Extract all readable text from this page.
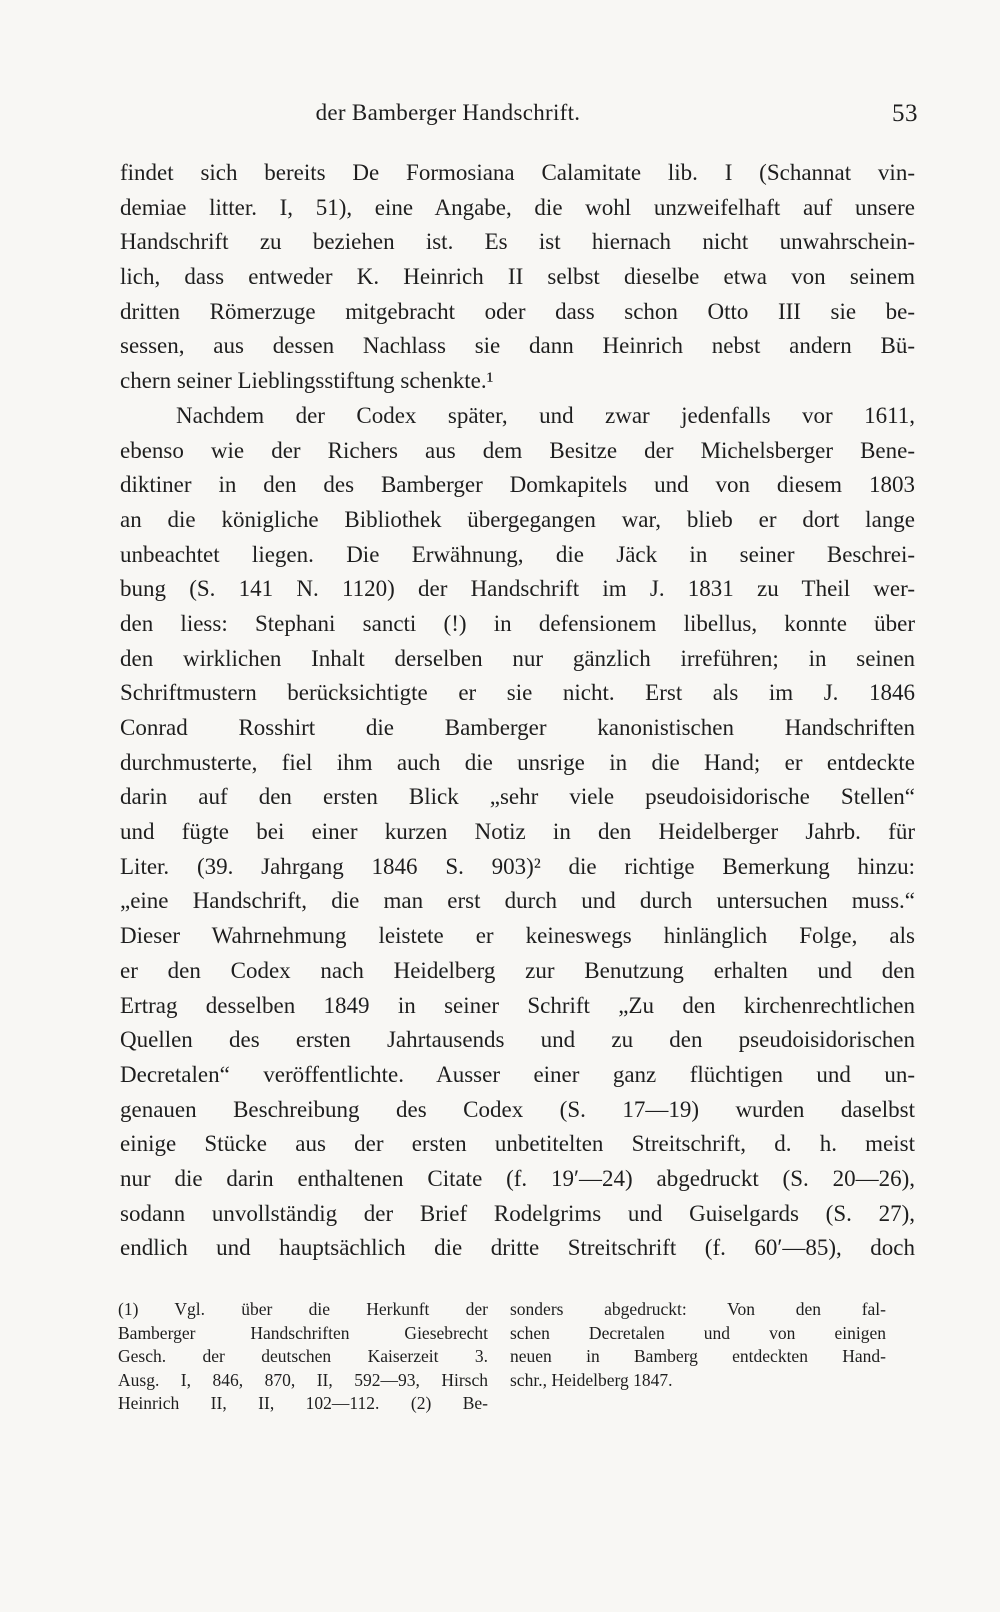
der Bamberger Handschrift.	53
findet sich bereits De Formosiana Calamitate lib. I (Schannat vin-
demiae litter. I, 51), eine Angabe, die wohl unzweifelhaft auf unsere
Handschrift zu beziehen ist. Es ist hiernach nicht unwahrschein-
lich, dass entweder K. Heinrich II selbst dieselbe etwa von seinem
dritten Römerzuge mitgebracht oder dass schon Otto III sie be-
sessen, aus dessen Nachlass sie dann Heinrich nebst andern Bü-
chern seiner Lieblingsstiftung schenkte.¹
Nachdem der Codex später, und zwar jedenfalls vor 1611,
ebenso wie der Richers aus dem Besitze der Michelsberger Bene-
diktiner in den des Bamberger Domkapitels und von diesem 1803
an die königliche Bibliothek übergegangen war, blieb er dort lange
unbeachtet liegen. Die Erwähnung, die Jäck in seiner Beschrei-
bung (S. 141 N. 1120) der Handschrift im J. 1831 zu Theil wer-
den liess: Stephani sancti (!) in defensionem libellus, konnte über
den wirklichen Inhalt derselben nur gänzlich irreführen; in seinen
Schriftmustern berücksichtigte er sie nicht. Erst als im J. 1846
Conrad Rosshirt die Bamberger kanonistischen Handschriften
durchmusterte, fiel ihm auch die unsrige in die Hand; er entdeckte
darin auf den ersten Blick „sehr viele pseudoisidorische Stellen“
und fügte bei einer kurzen Notiz in den Heidelberger Jahrb. für
Liter. (39. Jahrgang 1846 S. 903)² die richtige Bemerkung hinzu:
„eine Handschrift, die man erst durch und durch untersuchen muss.“
Dieser Wahrnehmung leistete er keineswegs hinlänglich Folge, als
er den Codex nach Heidelberg zur Benutzung erhalten und den
Ertrag desselben 1849 in seiner Schrift „Zu den kirchenrechtlichen
Quellen des ersten Jahrtausends und zu den pseudoisidorischen
Decretalen“ veröffentlichte. Ausser einer ganz flüchtigen und un-
genauen Beschreibung des Codex (S. 17—19) wurden daselbst
einige Stücke aus der ersten unbetitelten Streitschrift, d. h. meist
nur die darin enthaltenen Citate (f. 19′—24) abgedruckt (S. 20—26),
sodann unvollständig der Brief Rodelgrims und Guiselgards (S. 27),
endlich und hauptsächlich die dritte Streitschrift (f. 60′—85), doch
(1) Vgl. über die Herkunft der
Bamberger Handschriften Giesebrecht
Gesch. der deutschen Kaiserzeit 3.
Ausg. I, 846, 870, II, 592—93, Hirsch
Heinrich II, II, 102—112. (2) Be-
sonders abgedruckt: Von den fal-
schen Decretalen und von einigen
neuen in Bamberg entdeckten Hand-
schr., Heidelberg 1847.
